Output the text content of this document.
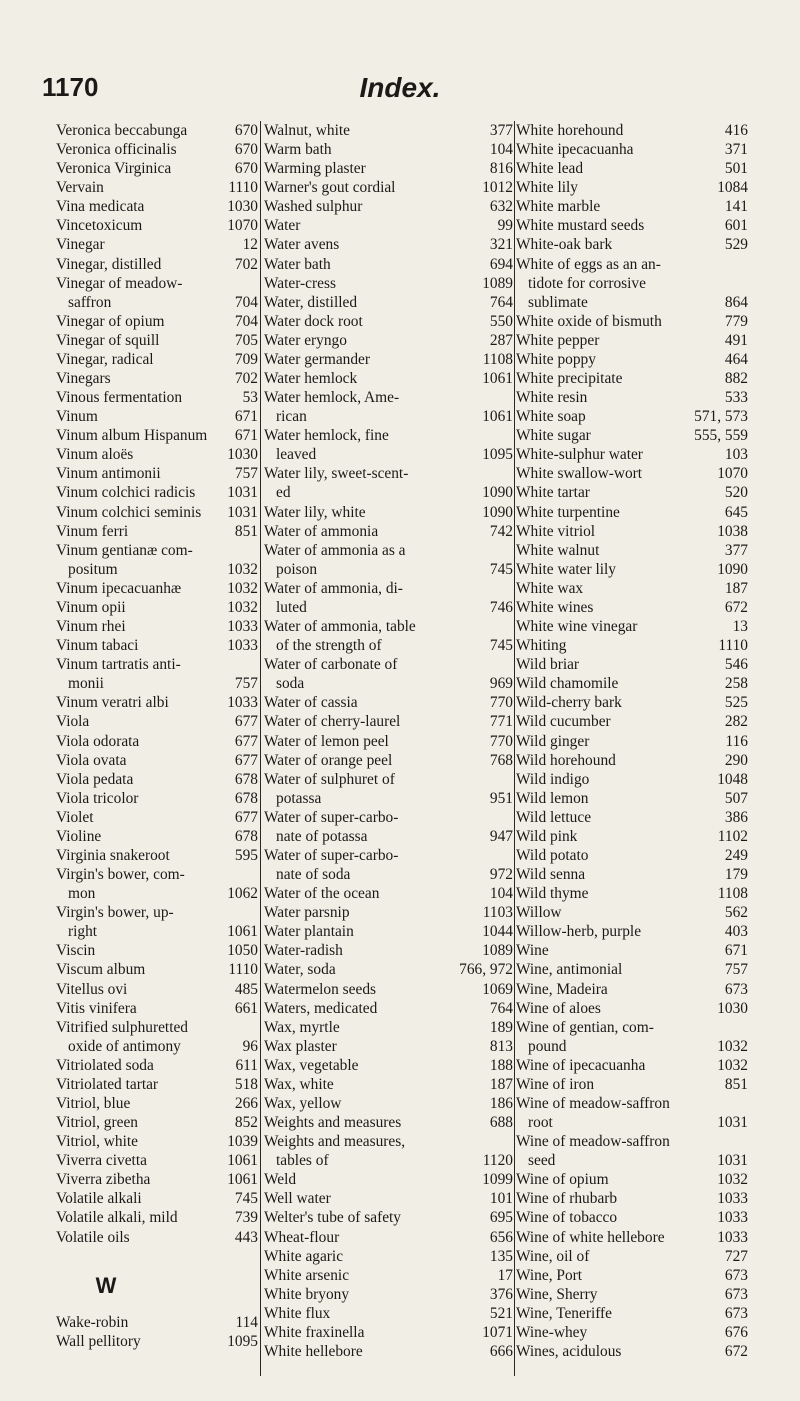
1170	Index.
Veronica beccabunga	670
Veronica officinalis	670
Veronica Virginica	670
Vervain	1110
Vina medicata	1030
Vincetoxicum	1070
Vinegar	12
Vinegar, distilled	702
Vinegar of meadow-
saffron	704
Vinegar of opium	704
Vinegar of squill	705
Vinegar, radical	709
Vinegars	702
Vinous fermentation	53
Vinum	671
Vinum album Hispanum 671
Vinum aloës	1030
Vinum antimonii	757
Vinum colchici radicis 1031
Vinum colchici seminis 1031
Vinum ferri	851
Vinum gentianæ com-
positum	1032
Vinum ipecacuanhæ	1032
Vinum opii	1032
Vinum rhei	1033
Vinum tabaci	1033
Vinum tartratis anti-
monii	757
Vinum veratri albi	1033
Viola	677
Viola odorata	677
Viola ovata	677
Viola pedata	678
Viola tricolor	678
Violet	677
Violine	678
Virginia snakeroot	595
Virgin's bower, com-
mon	1062
Virgin's bower, up-
right	1061
Viscin	1050
Viscum album	1110
Vitellus ovi	485
Vitis vinifera	661
Vitrified sulphuretted
oxide of antimony	96
Vitriolated soda	611
Vitriolated tartar	518
Vitriol, blue	266
Vitriol, green	852
Vitriol, white	1039
Viverra civetta	1061
Viverra zibetha	1061
Volatile alkali	745
Volatile alkali, mild	739
Volatile oils	443
W
Wake-robin	114
Wall pellitory	1095
Walnut, white	377
Warm bath	104
Warming plaster	816
Warner's gout cordial	1012
Washed sulphur	632
Water	99
Water avens	321
Water bath	694
Water-cress	1089
Water, distilled	764
Water dock root	550
Water eryngo	287
Water germander	1108
Water hemlock	1061
Water hemlock, Ame-
rican	1061
Water hemlock, fine
leaved	1095
Water lily, sweet-scent-
ed	1090
Water lily, white	1090
Water of ammonia	742
Water of ammonia as a
poison	745
Water of ammonia, di-
luted	746
Water of ammonia, table
of the strength of	745
Water of carbonate of
soda	969
Water of cassia	770
Water of cherry-laurel	771
Water of lemon peel	770
Water of orange peel	768
Water of sulphuret of
potassa	951
Water of super-carbo-
nate of potassa	947
Water of super-carbo-
nate of soda	972
Water of the ocean	104
Water parsnip	1103
Water plantain	1044
Water-radish	1089
Water, soda	766, 972
Watermelon seeds	1069
Waters, medicated	764
Wax, myrtle	189
Wax plaster	813
Wax, vegetable	188
Wax, white	187
Wax, yellow	186
Weights and measures	688
Weights and measures,
tables of	1120
Weld	1099
Well water	101
Welter's tube of safety	695
Wheat-flour	656
White agaric	135
White arsenic	17
White bryony	376
White flux	521
White fraxinella	1071
White hellebore	666
White horehound	416
White ipecacuanha	371
White lead	501
White lily	1084
White marble	141
White mustard seeds	601
White-oak bark	529
White of eggs as an an-
tidote for corrosive
sublimate	864
White oxide of bismuth	779
White pepper	491
White poppy	464
White precipitate	882
White resin	533
White soap	571, 573
White sugar	555, 559
White-sulphur water	103
White swallow-wort	1070
White tartar	520
White turpentine	645
White vitriol	1038
White walnut	377
White water lily	1090
White wax	187
White wines	672
White wine vinegar	13
Whiting	1110
Wild briar	546
Wild chamomile	258
Wild-cherry bark	525
Wild cucumber	282
Wild ginger	116
Wild horehound	290
Wild indigo	1048
Wild lemon	507
Wild lettuce	386
Wild pink	1102
Wild potato	249
Wild senna	179
Wild thyme	1108
Willow	562
Willow-herb, purple	403
Wine	671
Wine, antimonial	757
Wine, Madeira	673
Wine of aloes	1030
Wine of gentian, com-
pound	1032
Wine of ipecacuanha	1032
Wine of iron	851
Wine of meadow-saffron
root	1031
Wine of meadow-saffron
seed	1031
Wine of opium	1032
Wine of rhubarb	1033
Wine of tobacco	1033
Wine of white hellebore	1033
Wine, oil of	727
Wine, Port	673
Wine, Sherry	673
Wine, Teneriffe	673
Wine-whey	676
Wines, acidulous	672
